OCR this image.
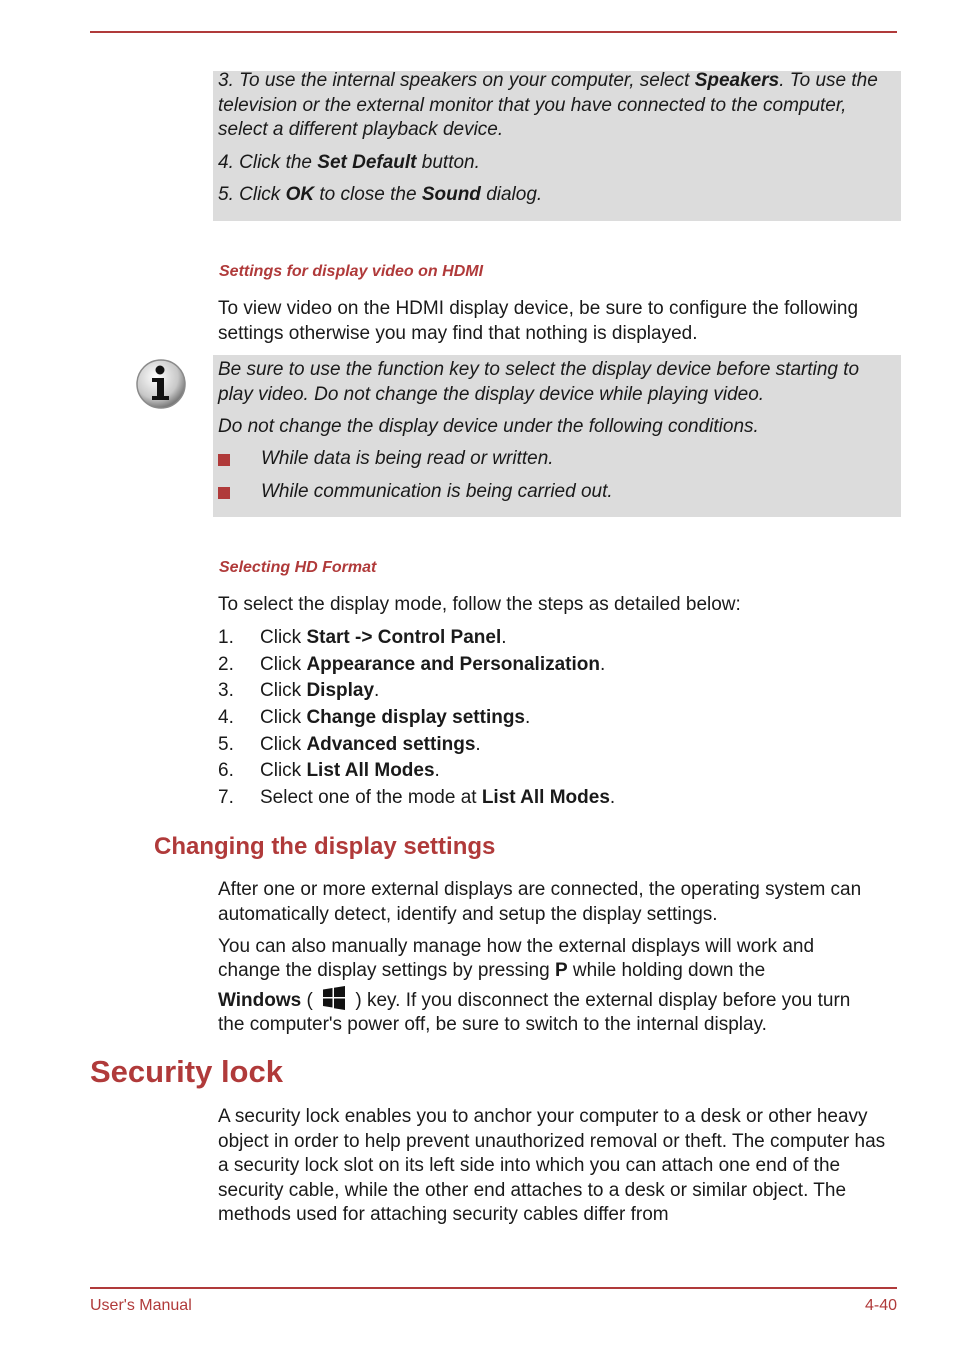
3. To use the internal speakers on your computer, select Speakers. To use the television or the external monitor that you have connected to the computer, select a different playback device.
4. Click the Set Default button.
5. Click OK to close the Sound dialog.
Settings for display video on HDMI
To view video on the HDMI display device, be sure to configure the following settings otherwise you may find that nothing is displayed.
Be sure to use the function key to select the display device before starting to play video. Do not change the display device while playing video.
Do not change the display device under the following conditions.
While data is being read or written.
While communication is being carried out.
Selecting HD Format
To select the display mode, follow the steps as detailed below:
1. Click Start -> Control Panel.
2. Click Appearance and Personalization.
3. Click Display.
4. Click Change display settings.
5. Click Advanced settings.
6. Click List All Modes.
7. Select one of the mode at List All Modes.
Changing the display settings
After one or more external displays are connected, the operating system can automatically detect, identify and setup the display settings.
You can also manually manage how the external displays will work and
change the display settings by pressing P while holding down the
Windows (  ) key. If you disconnect the external display before you turn
the computer's power off, be sure to switch to the internal display.
Security lock
A security lock enables you to anchor your computer to a desk or other heavy object in order to help prevent unauthorized removal or theft. The computer has a security lock slot on its left side into which you can attach one end of the security cable, while the other end attaches to a desk or similar object. The methods used for attaching security cables differ from
User's Manual	4-40
